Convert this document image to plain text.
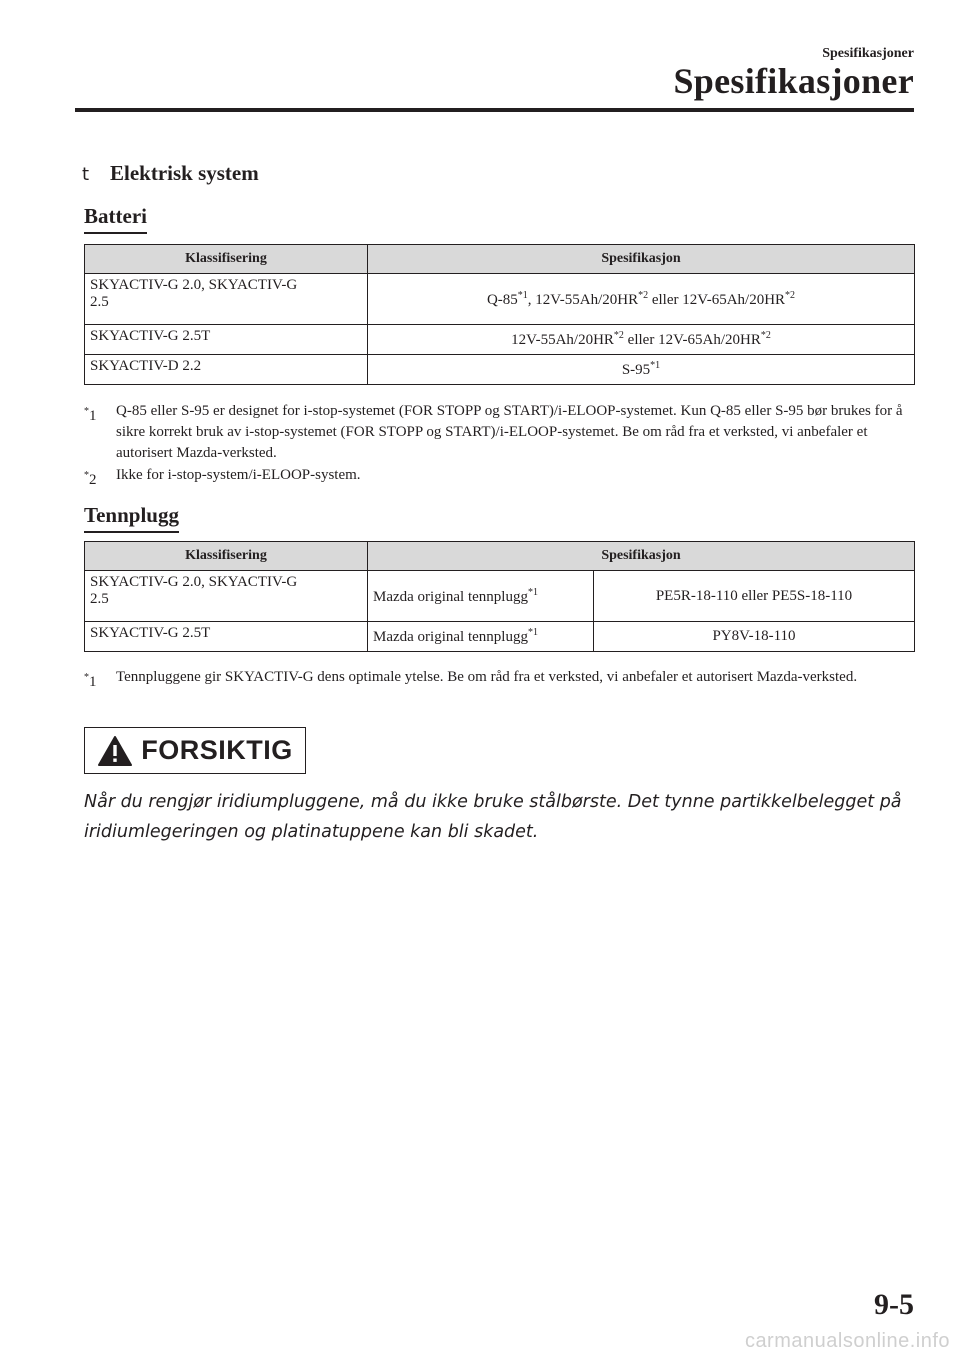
Spesifikasjoner
Spesifikasjoner
t Elektrisk system
Batteri
Klassifisering	Spesifikasjon
SKYACTIV-G 2.0, SKYACTIV-G
2.5	Q-85$^{*1}$, 12V-55Ah/20HR$^{*2}$ eller 12V-65Ah/20HR$^{*2}$
SKYACTIV-G 2.5T	12V-55Ah/20HR$^{*2}$ eller 12V-65Ah/20HR$^{*2}$
SKYACTIV-D 2.2	S-95$^{*1}$
*1	Q-85 eller S-95 er designet for i-stop-systemet (FOR STOPP og START)/i-ELOOP-systemet. Kun Q-85 eller S-95 bør brukes for å sikre korrekt bruk av i-stop-systemet (FOR STOPP og START)/i-ELOOP-systemet. Be om råd fra et verksted, vi anbefaler et autorisert Mazda-verksted.
*2	Ikke for i-stop-system/i-ELOOP-system.
Tennplugg
Klassifisering	Spesifikasjon	
SKYACTIV-G 2.0, SKYACTIV-G
2.5	Mazda original tennplugg$^{*1}$	PE5R-18-110 eller PE5S-18-110
SKYACTIV-G 2.5T	Mazda original tennplugg$^{*1}$	PY8V-18-110
*1	Tennpluggene gir SKYACTIV-G dens optimale ytelse. Be om råd fra et verksted, vi anbefaler et autorisert Mazda-verksted.
FORSIKTIG
Når du rengjør iridiumpluggene, må du ikke bruke stålbørste. Det tynne partikkelbelegget på iridiumlegeringen og platinatuppene kan bli skadet.
9-5
carmanualsonline.info
